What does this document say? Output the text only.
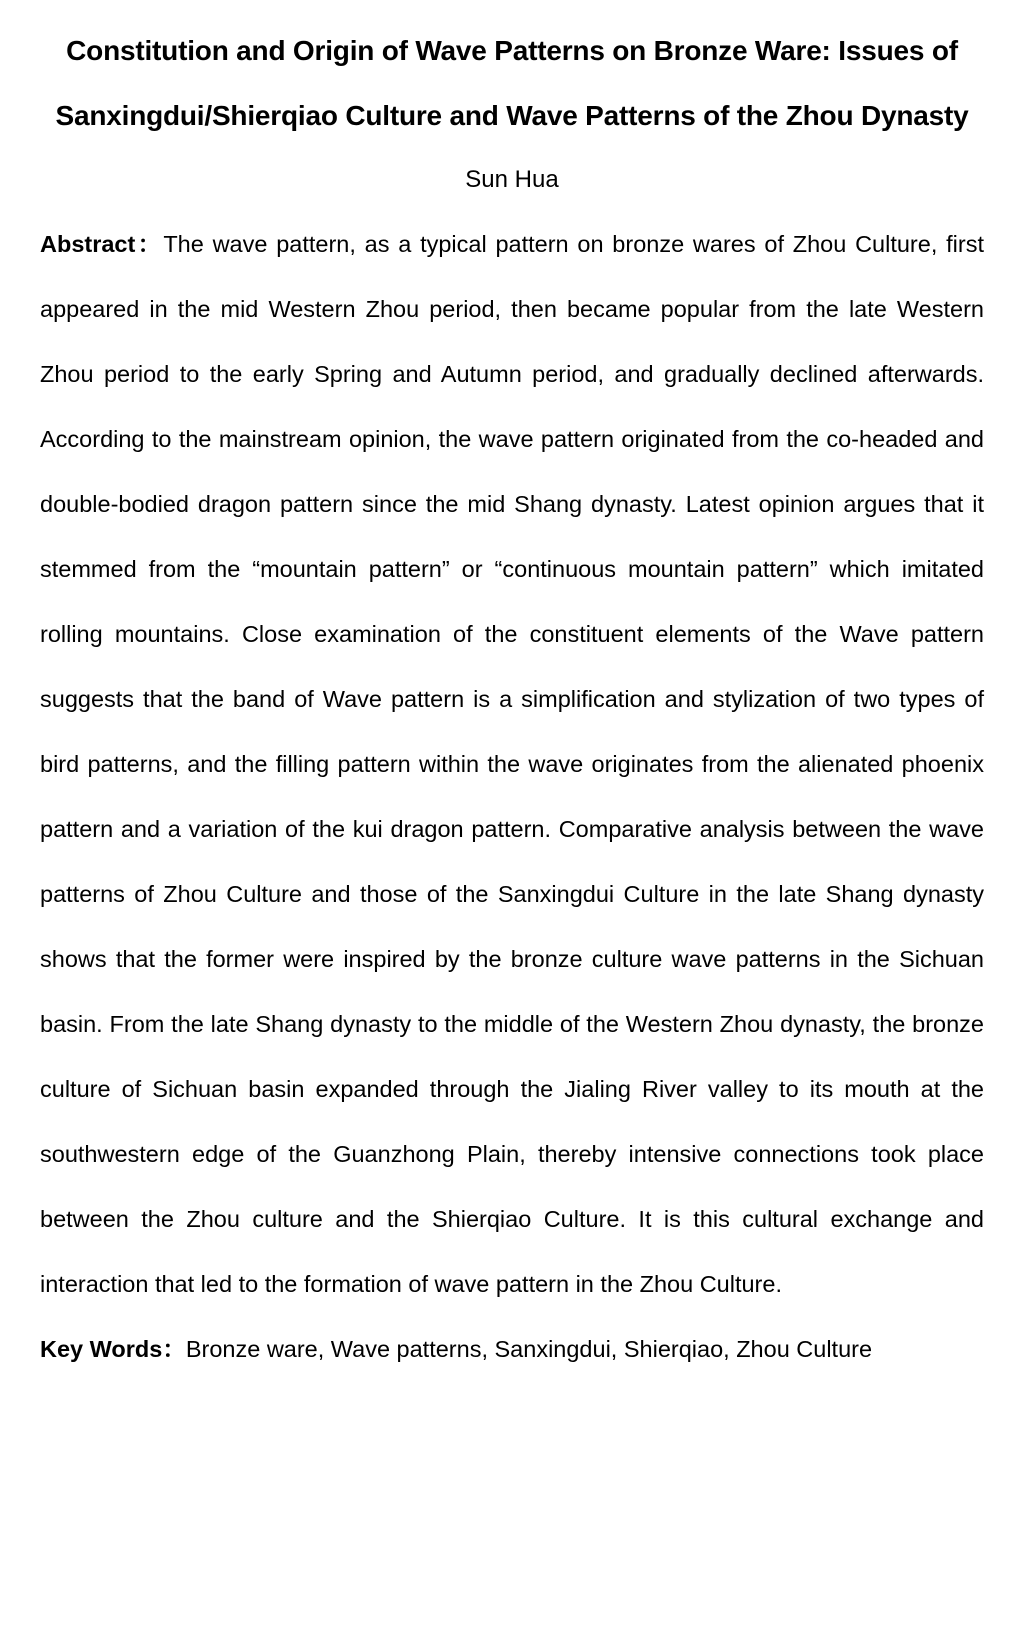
Constitution and Origin of Wave Patterns on Bronze Ware: Issues of Sanxingdui/Shierqiao Culture and Wave Patterns of the Zhou Dynasty

Sun Hua

Abstract：The wave pattern, as a typical pattern on bronze wares of Zhou Culture, first appeared in the mid Western Zhou period, then became popular from the late Western Zhou period to the early Spring and Autumn period, and gradually declined afterwards. According to the mainstream opinion, the wave pattern originated from the co-headed and double-bodied dragon pattern since the mid Shang dynasty. Latest opinion argues that it stemmed from the “mountain pattern” or “continuous mountain pattern” which imitated rolling mountains. Close examination of the constituent elements of the Wave pattern suggests that the band of Wave pattern is a simplification and stylization of two types of bird patterns, and the filling pattern within the wave originates from the alienated phoenix pattern and a variation of the kui dragon pattern. Comparative analysis between the wave patterns of Zhou Culture and those of the Sanxingdui Culture in the late Shang dynasty shows that the former were inspired by the bronze culture wave patterns in the Sichuan basin. From the late Shang dynasty to the middle of the Western Zhou dynasty, the bronze culture of Sichuan basin expanded through the Jialing River valley to its mouth at the southwestern edge of the Guanzhong Plain, thereby intensive connections took place between the Zhou culture and the Shierqiao Culture. It is this cultural exchange and interaction that led to the formation of wave pattern in the Zhou Culture.

Key Words：Bronze ware, Wave patterns, Sanxingdui, Shierqiao, Zhou Culture
